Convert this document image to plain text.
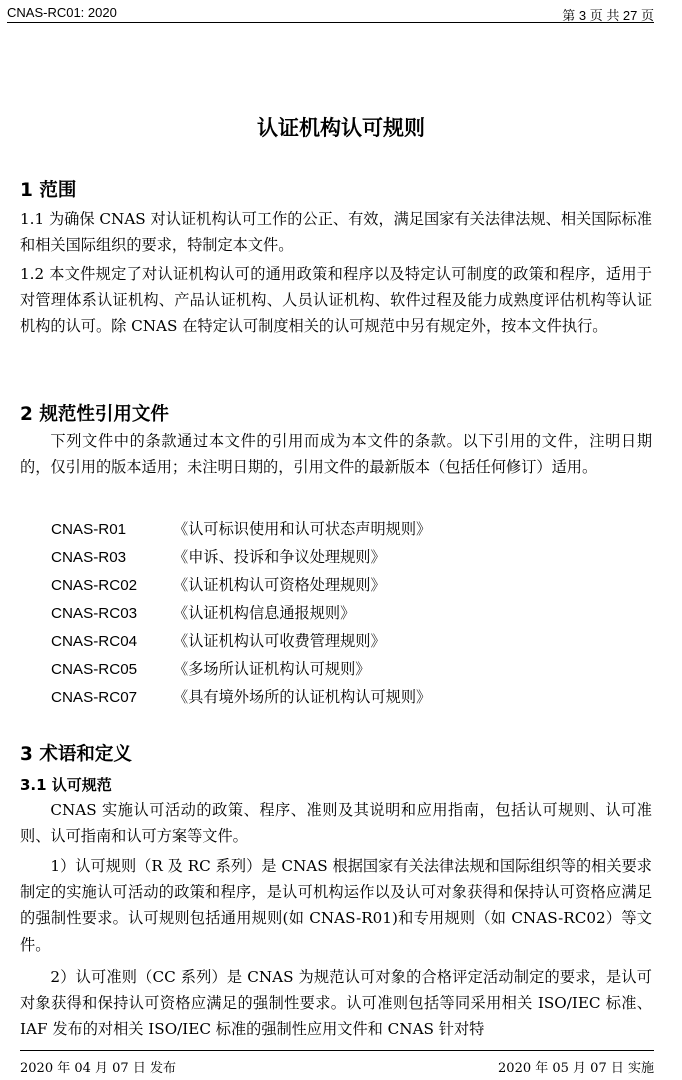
CNAS-RC01: 2020	第 3 页 共 27 页
认证机构认可规则
1 范围
1.1 为确保 CNAS 对认证机构认可工作的公正、有效，满足国家有关法律法规、相关国际标准和相关国际组织的要求，特制定本文件。
1.2 本文件规定了对认证机构认可的通用政策和程序以及特定认可制度的政策和程序，适用于对管理体系认证机构、产品认证机构、人员认证机构、软件过程及能力成熟度评估机构等认证机构的认可。除 CNAS 在特定认可制度相关的认可规范中另有规定外，按本文件执行。
2 规范性引用文件
下列文件中的条款通过本文件的引用而成为本文件的条款。以下引用的文件，注明日期的，仅引用的版本适用；未注明日期的，引用文件的最新版本（包括任何修订）适用。
CNAS-R01	《认可标识使用和认可状态声明规则》
CNAS-R03	《申诉、投诉和争议处理规则》
CNAS-RC02 《认证机构认可资格处理规则》
CNAS-RC03 《认证机构信息通报规则》
CNAS-RC04 《认证机构认可收费管理规则》
CNAS-RC05 《多场所认证机构认可规则》
CNAS-RC07 《具有境外场所的认证机构认可规则》
3 术语和定义
3.1 认可规范
CNAS 实施认可活动的政策、程序、准则及其说明和应用指南，包括认可规则、认可准则、认可指南和认可方案等文件。
1）认可规则（R 及 RC 系列）是 CNAS 根据国家有关法律法规和国际组织等的相关要求制定的实施认可活动的政策和程序，是认可机构运作以及认可对象获得和保持认可资格应满足的强制性要求。认可规则包括通用规则(如 CNAS-R01)和专用规则（如 CNAS-RC02）等文件。
2）认可准则（CC 系列）是 CNAS 为规范认可对象的合格评定活动制定的要求，是认可对象获得和保持认可资格应满足的强制性要求。认可准则包括等同采用相关 ISO/IEC 标准、IAF 发布的对相关 ISO/IEC 标准的强制性应用文件和 CNAS 针对特
2020 年 04 月 07 日 发布	2020 年 05 月 07 日 实施
